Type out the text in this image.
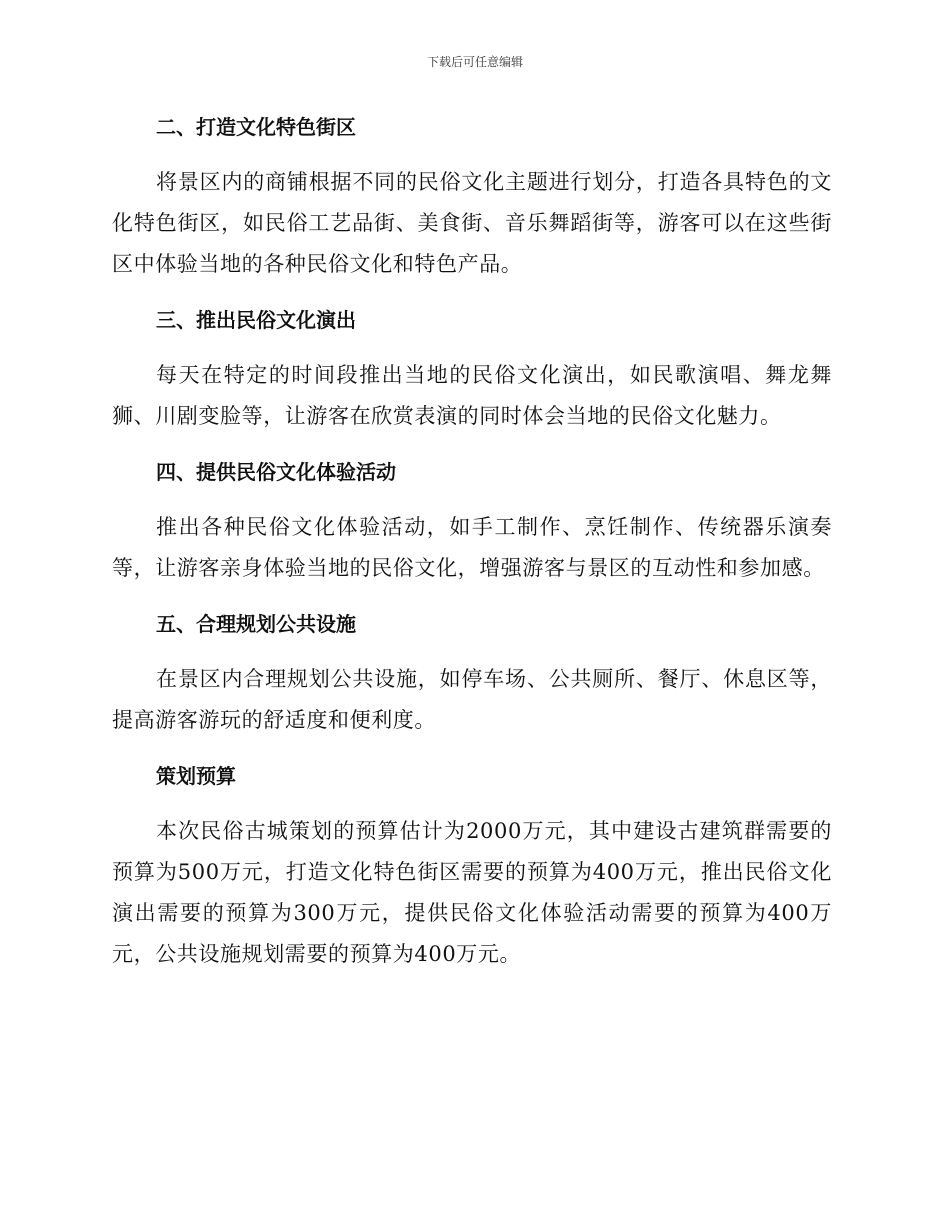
下载后可任意编辑
二、打造文化特色街区

将景区内的商铺根据不同的民俗文化主题进行划分，打造各具特色的文化特色街区，如民俗工艺品街、美食街、音乐舞蹈街等，游客可以在这些街区中体验当地的各种民俗文化和特色产品。

三、推出民俗文化演出

每天在特定的时间段推出当地的民俗文化演出，如民歌演唱、舞龙舞狮、川剧变脸等，让游客在欣赏表演的同时体会当地的民俗文化魅力。

四、提供民俗文化体验活动

推出各种民俗文化体验活动，如手工制作、烹饪制作、传统器乐演奏等，让游客亲身体验当地的民俗文化，增强游客与景区的互动性和参加感。

五、合理规划公共设施

在景区内合理规划公共设施，如停车场、公共厕所、餐厅、休息区等，提高游客游玩的舒适度和便利度。

策划预算

本次民俗古城策划的预算估计为2000万元，其中建设古建筑群需要的预算为500万元，打造文化特色街区需要的预算为400万元，推出民俗文化演出需要的预算为300万元，提供民俗文化体验活动需要的预算为400万元，公共设施规划需要的预算为400万元。
